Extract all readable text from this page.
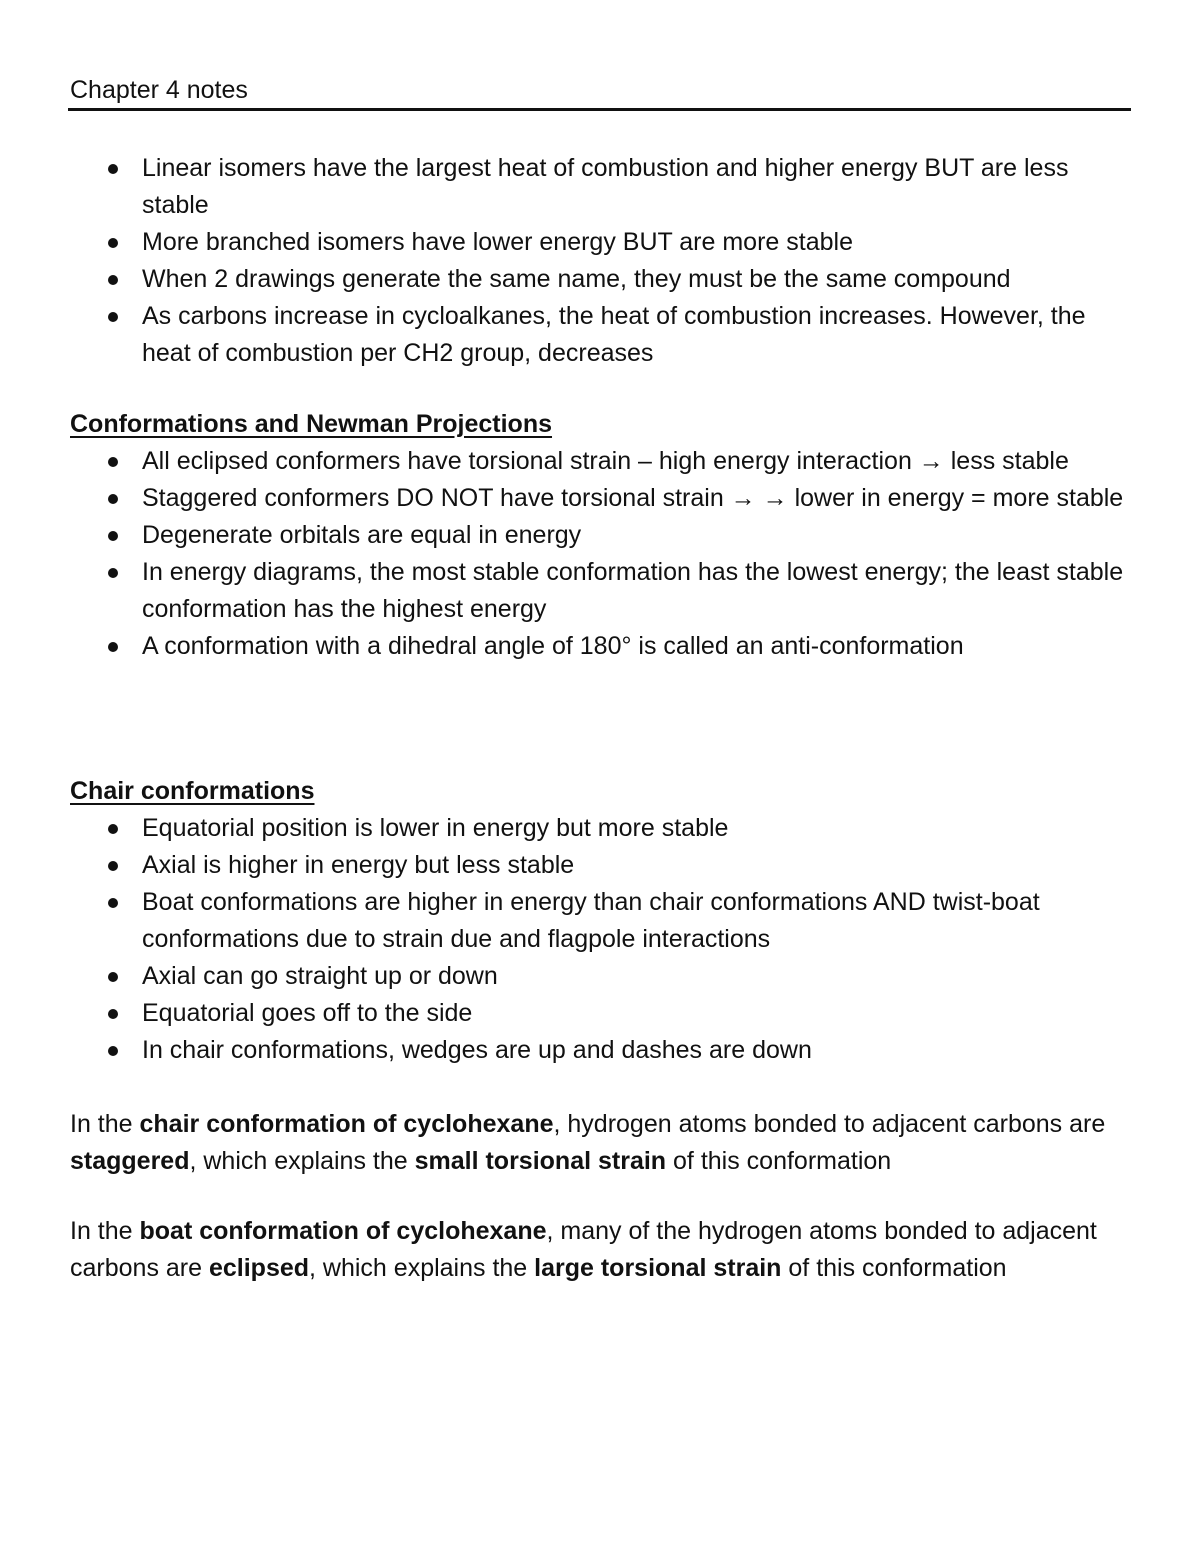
Chapter 4 notes
Linear isomers have the largest heat of combustion and higher energy BUT are less stable
More branched isomers have lower energy BUT are more stable
When 2 drawings generate the same name, they must be the same compound
As carbons increase in cycloalkanes, the heat of combustion increases. However, the heat of combustion per CH2 group, decreases
Conformations and Newman Projections
All eclipsed conformers have torsional strain – high energy interaction → less stable
Staggered conformers DO NOT have torsional strain → → lower in energy = more stable
Degenerate orbitals are equal in energy
In energy diagrams, the most stable conformation has the lowest energy; the least stable conformation has the highest energy
A conformation with a dihedral angle of 180° is called an anti-conformation
Chair conformations
Equatorial position is lower in energy but more stable
Axial is higher in energy but less stable
Boat conformations are higher in energy than chair conformations AND twist-boat conformations due to strain due and flagpole interactions
Axial can go straight up or down
Equatorial goes off to the side
In chair conformations, wedges are up and dashes are down

In the chair conformation of cyclohexane, hydrogen atoms bonded to adjacent carbons are staggered, which explains the small torsional strain of this conformation

In the boat conformation of cyclohexane, many of the hydrogen atoms bonded to adjacent carbons are eclipsed, which explains the large torsional strain of this conformation
